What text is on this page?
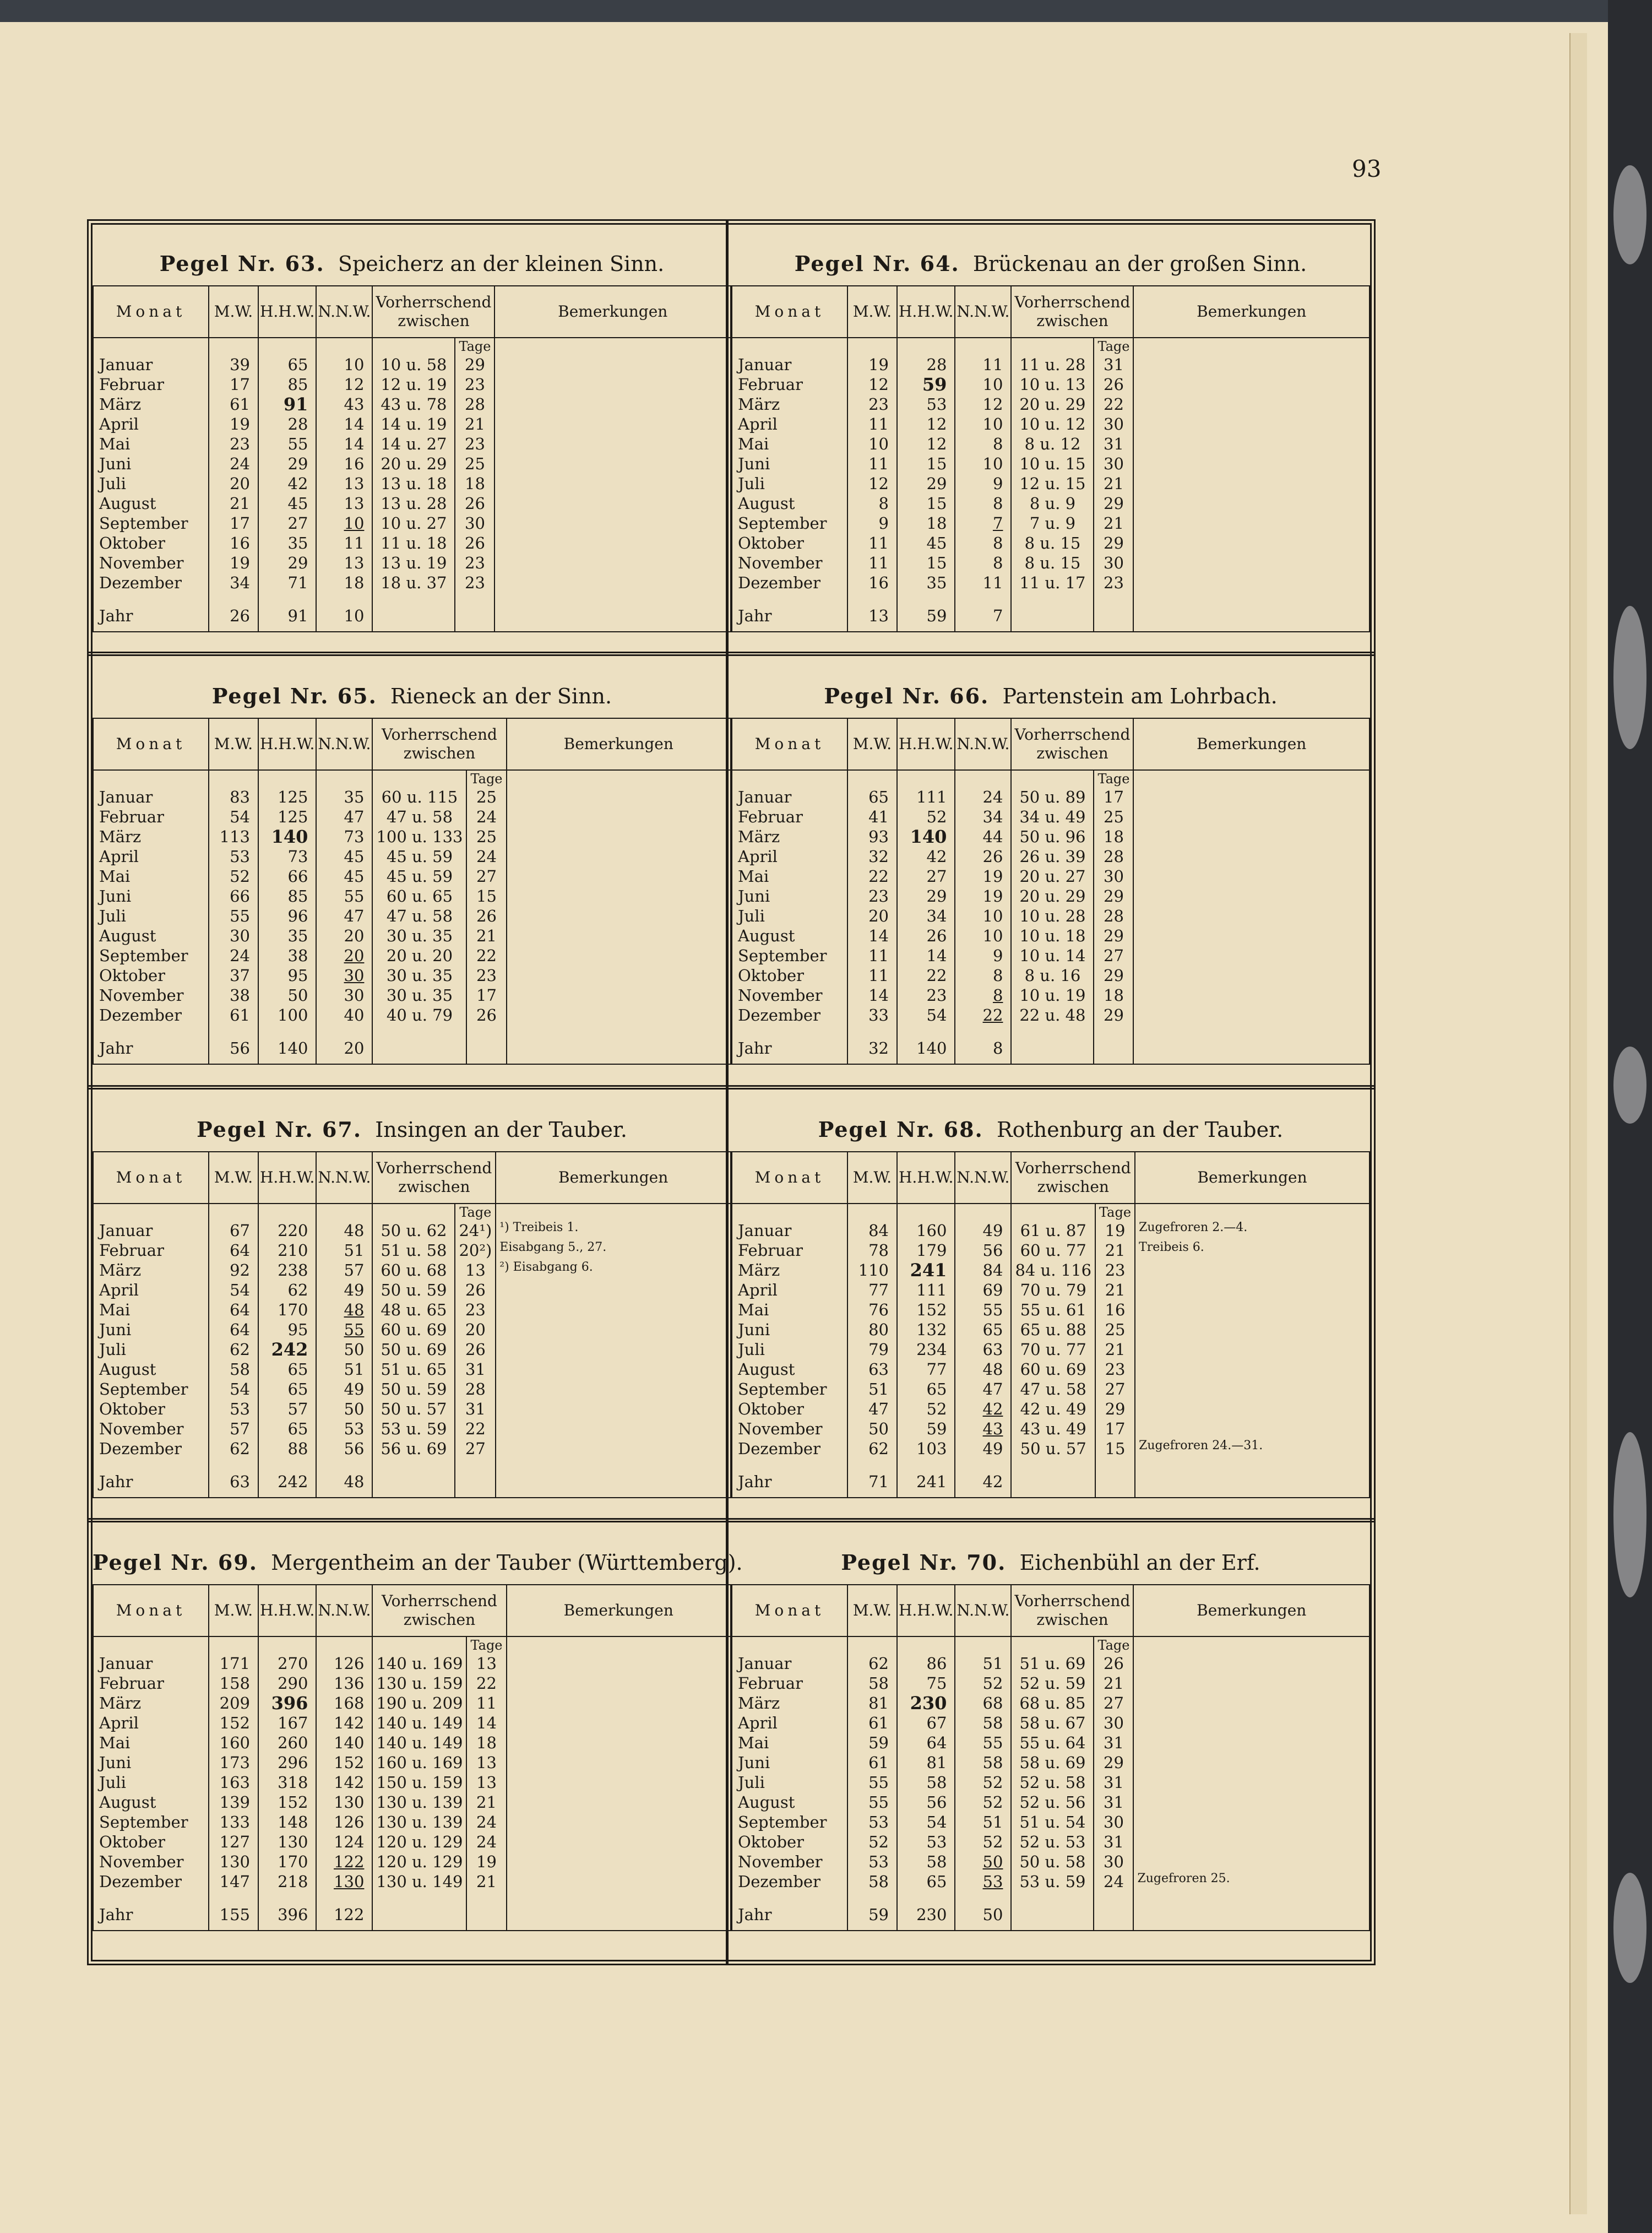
93
Pegel Nr. 63. Speicherz an der kleinen Sinn.
Monat	M.W.	H.H.W.	N.N.W.	Vorherrschend
zwischen		Bemerkungen
					Tage	
Januar	39	65	10	10 u. 58	29	
Februar	17	85	12	12 u. 19	23	
März	61	91	43	43 u. 78	28	
April	19	28	14	14 u. 19	21	
Mai	23	55	14	14 u. 27	23	
Juni	24	29	16	20 u. 29	25	
Juli	20	42	13	13 u. 18	18	
August	21	45	13	13 u. 28	26	
September	17	27	10	10 u. 27	30	
Oktober	16	35	11	11 u. 18	26	
November	19	29	13	13 u. 19	23	
Dezember	34	71	18	18 u. 37	23	

Jahr	26	91	10			
Pegel Nr. 64. Brückenau an der großen Sinn.
Monat	M.W.	H.H.W.	N.N.W.	Vorherrschend
zwischen		Bemerkungen
					Tage	
Januar	19	28	11	11 u. 28	31	
Februar	12	59	10	10 u. 13	26	
März	23	53	12	20 u. 29	22	
April	11	12	10	10 u. 12	30	
Mai	10	12	8	8 u. 12	31	
Juni	11	15	10	10 u. 15	30	
Juli	12	29	9	12 u. 15	21	
August	8	15	8	8 u. 9	29	
September	9	18	7	7 u. 9	21	
Oktober	11	45	8	8 u. 15	29	
November	11	15	8	8 u. 15	30	
Dezember	16	35	11	11 u. 17	23	

Jahr	13	59	7			
Pegel Nr. 65. Rieneck an der Sinn.
Monat	M.W.	H.H.W.	N.N.W.	Vorherrschend
zwischen		Bemerkungen
					Tage	
Januar	83	125	35	60 u. 115	25	
Februar	54	125	47	47 u. 58	24	
März	113	140	73	100 u. 133	25	
April	53	73	45	45 u. 59	24	
Mai	52	66	45	45 u. 59	27	
Juni	66	85	55	60 u. 65	15	
Juli	55	96	47	47 u. 58	26	
August	30	35	20	30 u. 35	21	
September	24	38	20	20 u. 20	22	
Oktober	37	95	30	30 u. 35	23	
November	38	50	30	30 u. 35	17	
Dezember	61	100	40	40 u. 79	26	

Jahr	56	140	20			
Pegel Nr. 66. Partenstein am Lohrbach.
Monat	M.W.	H.H.W.	N.N.W.	Vorherrschend
zwischen		Bemerkungen
					Tage	
Januar	65	111	24	50 u. 89	17	
Februar	41	52	34	34 u. 49	25	
März	93	140	44	50 u. 96	18	
April	32	42	26	26 u. 39	28	
Mai	22	27	19	20 u. 27	30	
Juni	23	29	19	20 u. 29	29	
Juli	20	34	10	10 u. 28	28	
August	14	26	10	10 u. 18	29	
September	11	14	9	10 u. 14	27	
Oktober	11	22	8	8 u. 16	29	
November	14	23	8	10 u. 19	18	
Dezember	33	54	22	22 u. 48	29	

Jahr	32	140	8			
Pegel Nr. 67. Insingen an der Tauber.
Monat	M.W.	H.H.W.	N.N.W.	Vorherrschend
zwischen		Bemerkungen
					Tage	
Januar	67	220	48	50 u. 62	24¹)	¹) Treibeis 1.
Februar	64	210	51	51 u. 58	20²)	Eisabgang 5., 27.
März	92	238	57	60 u. 68	13	²) Eisabgang 6.
April	54	62	49	50 u. 59	26	
Mai	64	170	48	48 u. 65	23	
Juni	64	95	55	60 u. 69	20	
Juli	62	242	50	50 u. 69	26	
August	58	65	51	51 u. 65	31	
September	54	65	49	50 u. 59	28	
Oktober	53	57	50	50 u. 57	31	
November	57	65	53	53 u. 59	22	
Dezember	62	88	56	56 u. 69	27	

Jahr	63	242	48			
Pegel Nr. 68. Rothenburg an der Tauber.
Monat	M.W.	H.H.W.	N.N.W.	Vorherrschend
zwischen		Bemerkungen
					Tage	
Januar	84	160	49	61 u. 87	19	Zugefroren 2.—4.
Februar	78	179	56	60 u. 77	21	Treibeis 6.
März	110	241	84	84 u. 116	23	
April	77	111	69	70 u. 79	21	
Mai	76	152	55	55 u. 61	16	
Juni	80	132	65	65 u. 88	25	
Juli	79	234	63	70 u. 77	21	
August	63	77	48	60 u. 69	23	
September	51	65	47	47 u. 58	27	
Oktober	47	52	42	42 u. 49	29	
November	50	59	43	43 u. 49	17	
Dezember	62	103	49	50 u. 57	15	Zugefroren 24.—31.

Jahr	71	241	42			
Pegel Nr. 69. Mergentheim an der Tauber (Württemberg).
Monat	M.W.	H.H.W.	N.N.W.	Vorherrschend
zwischen		Bemerkungen
					Tage	
Januar	171	270	126	140 u. 169	13	
Februar	158	290	136	130 u. 159	22	
März	209	396	168	190 u. 209	11	
April	152	167	142	140 u. 149	14	
Mai	160	260	140	140 u. 149	18	
Juni	173	296	152	160 u. 169	13	
Juli	163	318	142	150 u. 159	13	
August	139	152	130	130 u. 139	21	
September	133	148	126	130 u. 139	24	
Oktober	127	130	124	120 u. 129	24	
November	130	170	122	120 u. 129	19	
Dezember	147	218	130	130 u. 149	21	

Jahr	155	396	122			
Pegel Nr. 70. Eichenbühl an der Erf.
Monat	M.W.	H.H.W.	N.N.W.	Vorherrschend
zwischen		Bemerkungen
					Tage	
Januar	62	86	51	51 u. 69	26	
Februar	58	75	52	52 u. 59	21	
März	81	230	68	68 u. 85	27	
April	61	67	58	58 u. 67	30	
Mai	59	64	55	55 u. 64	31	
Juni	61	81	58	58 u. 69	29	
Juli	55	58	52	52 u. 58	31	
August	55	56	52	52 u. 56	31	
September	53	54	51	51 u. 54	30	
Oktober	52	53	52	52 u. 53	31	
November	53	58	50	50 u. 58	30	
Dezember	58	65	53	53 u. 59	24	Zugefroren 25.

Jahr	59	230	50			
